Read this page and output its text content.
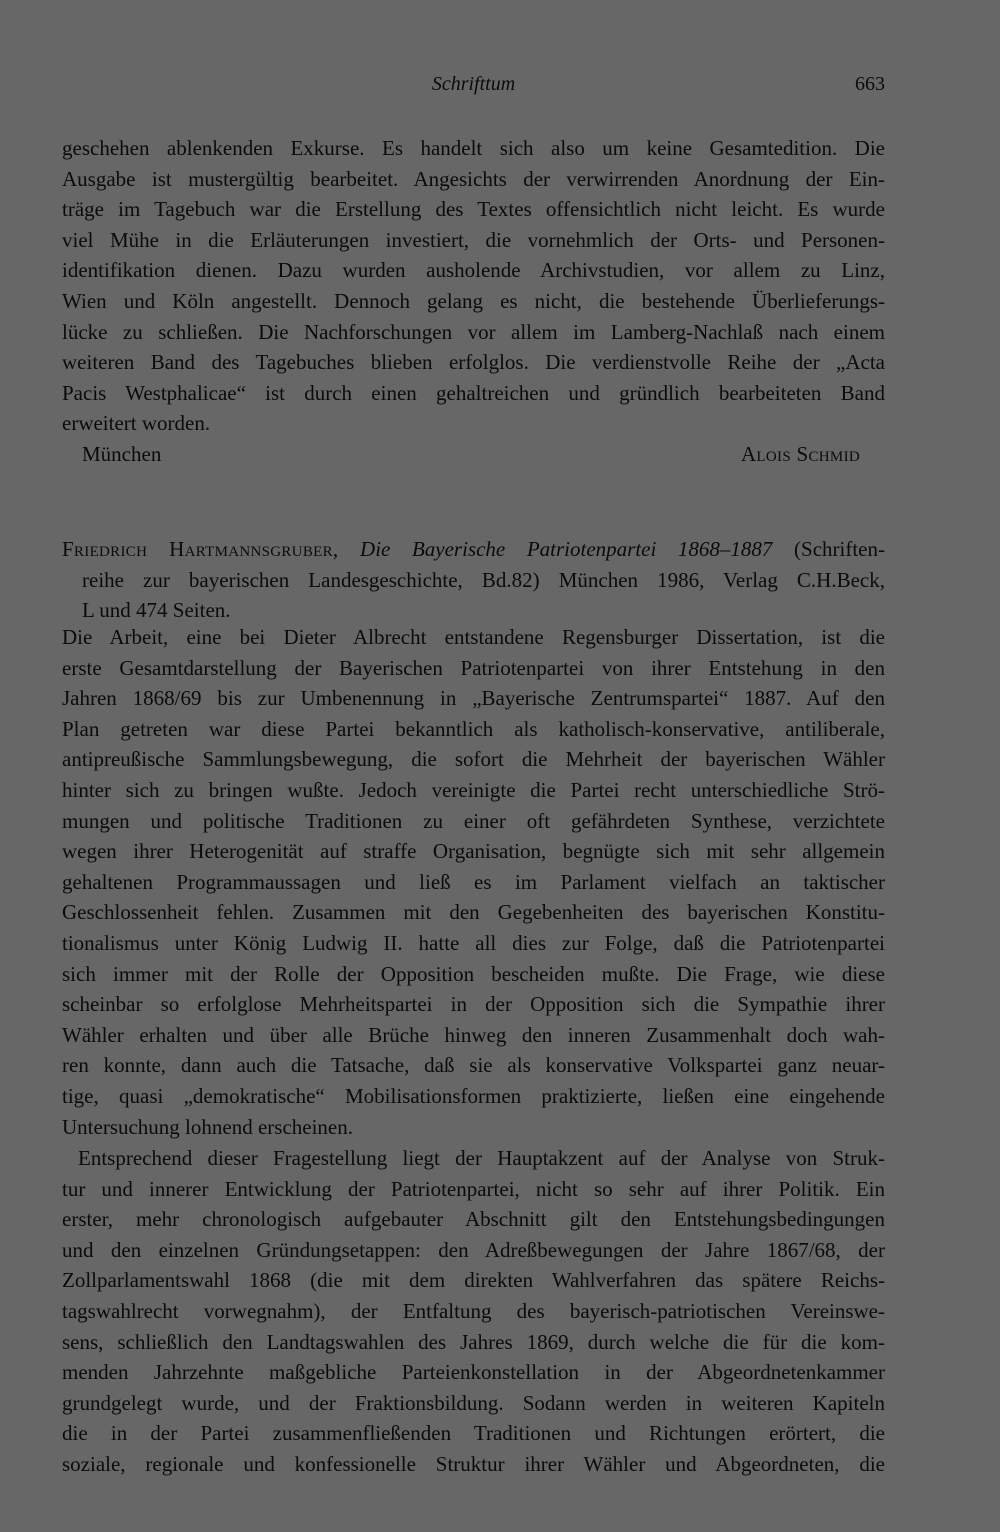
Schrifttum	663
geschehen ablenkenden Exkurse. Es handelt sich also um keine Gesamtedition. Die
Ausgabe ist mustergültig bearbeitet. Angesichts der verwirrenden Anordnung der Ein-
träge im Tagebuch war die Erstellung des Textes offensichtlich nicht leicht. Es wurde
viel Mühe in die Erläuterungen investiert, die vornehmlich der Orts- und Personen-
identifikation dienen. Dazu wurden ausholende Archivstudien, vor allem zu Linz,
Wien und Köln angestellt. Dennoch gelang es nicht, die bestehende Überlieferungs-
lücke zu schließen. Die Nachforschungen vor allem im Lamberg-Nachlaß nach einem
weiteren Band des Tagebuches blieben erfolglos. Die verdienstvolle Reihe der „Acta
Pacis Westphalicae“ ist durch einen gehaltreichen und gründlich bearbeiteten Band
erweitert worden.
München	Alois Schmid
Friedrich Hartmannsgruber, Die Bayerische Patriotenpartei 1868–1887 (Schriften-
reihe zur bayerischen Landesgeschichte, Bd.82) München 1986, Verlag C.H.Beck,
L und 474 Seiten.
Die Arbeit, eine bei Dieter Albrecht entstandene Regensburger Dissertation, ist die
erste Gesamtdarstellung der Bayerischen Patriotenpartei von ihrer Entstehung in den
Jahren 1868/69 bis zur Umbenennung in „Bayerische Zentrumspartei“ 1887. Auf den
Plan getreten war diese Partei bekanntlich als katholisch-konservative, antiliberale,
antipreußische Sammlungsbewegung, die sofort die Mehrheit der bayerischen Wähler
hinter sich zu bringen wußte. Jedoch vereinigte die Partei recht unterschiedliche Strö-
mungen und politische Traditionen zu einer oft gefährdeten Synthese, verzichtete
wegen ihrer Heterogenität auf straffe Organisation, begnügte sich mit sehr allgemein
gehaltenen Programmaussagen und ließ es im Parlament vielfach an taktischer
Geschlossenheit fehlen. Zusammen mit den Gegebenheiten des bayerischen Konstitu-
tionalismus unter König Ludwig II. hatte all dies zur Folge, daß die Patriotenpartei
sich immer mit der Rolle der Opposition bescheiden mußte. Die Frage, wie diese
scheinbar so erfolglose Mehrheitspartei in der Opposition sich die Sympathie ihrer
Wähler erhalten und über alle Brüche hinweg den inneren Zusammenhalt doch wah-
ren konnte, dann auch die Tatsache, daß sie als konservative Volkspartei ganz neuar-
tige, quasi „demokratische“ Mobilisationsformen praktizierte, ließen eine eingehende
Untersuchung lohnend erscheinen.
Entsprechend dieser Fragestellung liegt der Hauptakzent auf der Analyse von Struk-
tur und innerer Entwicklung der Patriotenpartei, nicht so sehr auf ihrer Politik. Ein
erster, mehr chronologisch aufgebauter Abschnitt gilt den Entstehungsbedingungen
und den einzelnen Gründungsetappen: den Adreßbewegungen der Jahre 1867/68, der
Zollparlamentswahl 1868 (die mit dem direkten Wahlverfahren das spätere Reichs-
tagswahlrecht vorwegnahm), der Entfaltung des bayerisch-patriotischen Vereinswe-
sens, schließlich den Landtagswahlen des Jahres 1869, durch welche die für die kom-
menden Jahrzehnte maßgebliche Parteienkonstellation in der Abgeordnetenkammer
grundgelegt wurde, und der Fraktionsbildung. Sodann werden in weiteren Kapiteln
die in der Partei zusammenfließenden Traditionen und Richtungen erörtert, die
soziale, regionale und konfessionelle Struktur ihrer Wähler und Abgeordneten, die
